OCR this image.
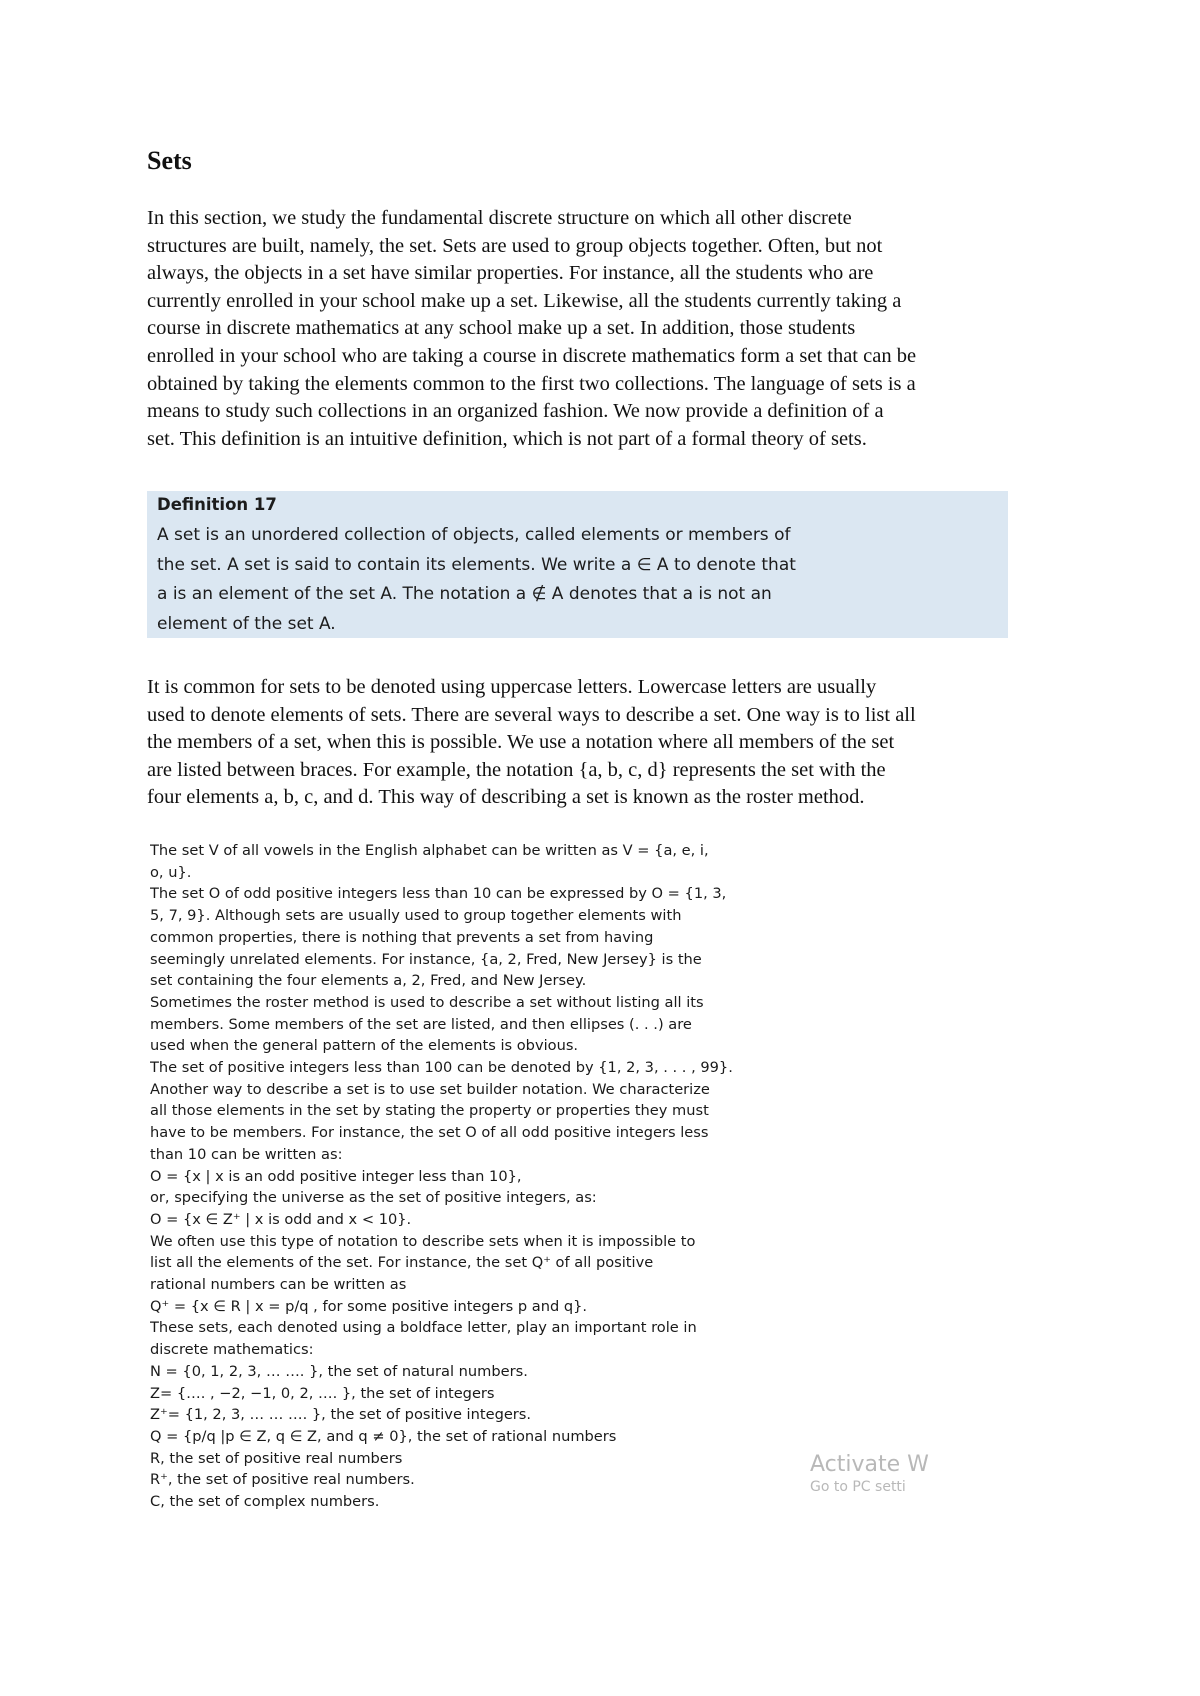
Sets
In this section, we study the fundamental discrete structure on which all other discrete
structures are built, namely, the set. Sets are used to group objects together. Often, but not
always, the objects in a set have similar properties. For instance, all the students who are
currently enrolled in your school make up a set. Likewise, all the students currently taking a
course in discrete mathematics at any school make up a set. In addition, those students
enrolled in your school who are taking a course in discrete mathematics form a set that can be
obtained by taking the elements common to the first two collections. The language of sets is a
means to study such collections in an organized fashion. We now provide a definition of a
set. This definition is an intuitive definition, which is not part of a formal theory of sets.
Definition 17
A set is an unordered collection of objects, called elements or members of
the set. A set is said to contain its elements. We write a ∈ A to denote that
a is an element of the set A. The notation a ∉ A denotes that a is not an
element of the set A.
It is common for sets to be denoted using uppercase letters. Lowercase letters are usually
used to denote elements of sets. There are several ways to describe a set. One way is to list all
the members of a set, when this is possible. We use a notation where all members of the set
are listed between braces. For example, the notation {a, b, c, d} represents the set with the
four elements a, b, c, and d. This way of describing a set is known as the roster method.
The set V of all vowels in the English alphabet can be written as V = {a, e, i,
o, u}.
The set O of odd positive integers less than 10 can be expressed by O = {1, 3,
5, 7, 9}. Although sets are usually used to group together elements with
common properties, there is nothing that prevents a set from having
seemingly unrelated elements. For instance, {a, 2, Fred, New Jersey} is the
set containing the four elements a, 2, Fred, and New Jersey.
Sometimes the roster method is used to describe a set without listing all its
members. Some members of the set are listed, and then ellipses (. . .) are
used when the general pattern of the elements is obvious.
The set of positive integers less than 100 can be denoted by {1, 2, 3, . . . , 99}.
Another way to describe a set is to use set builder notation. We characterize
all those elements in the set by stating the property or properties they must
have to be members. For instance, the set O of all odd positive integers less
than 10 can be written as:
O = {x | x is an odd positive integer less than 10},
or, specifying the universe as the set of positive integers, as:
O = {x ∈ Z⁺ | x is odd and x < 10}.
We often use this type of notation to describe sets when it is impossible to
list all the elements of the set. For instance, the set Q⁺ of all positive
rational numbers can be written as
Q⁺ = {x ∈ R | x = p/q , for some positive integers p and q}.
These sets, each denoted using a boldface letter, play an important role in
discrete mathematics:
N = {0, 1, 2, 3, … …. }, the set of natural numbers.
Z= {…. , −2, −1, 0, 2, …. }, the set of integers
Z⁺= {1, 2, 3, … … …. }, the set of positive integers.
Q = {p/q |p ∈ Z, q ∈ Z, and q ≠ 0}, the set of rational numbers
R, the set of positive real numbers
R⁺, the set of positive real numbers.
C, the set of complex numbers.
Activate W
Go to PC setti
